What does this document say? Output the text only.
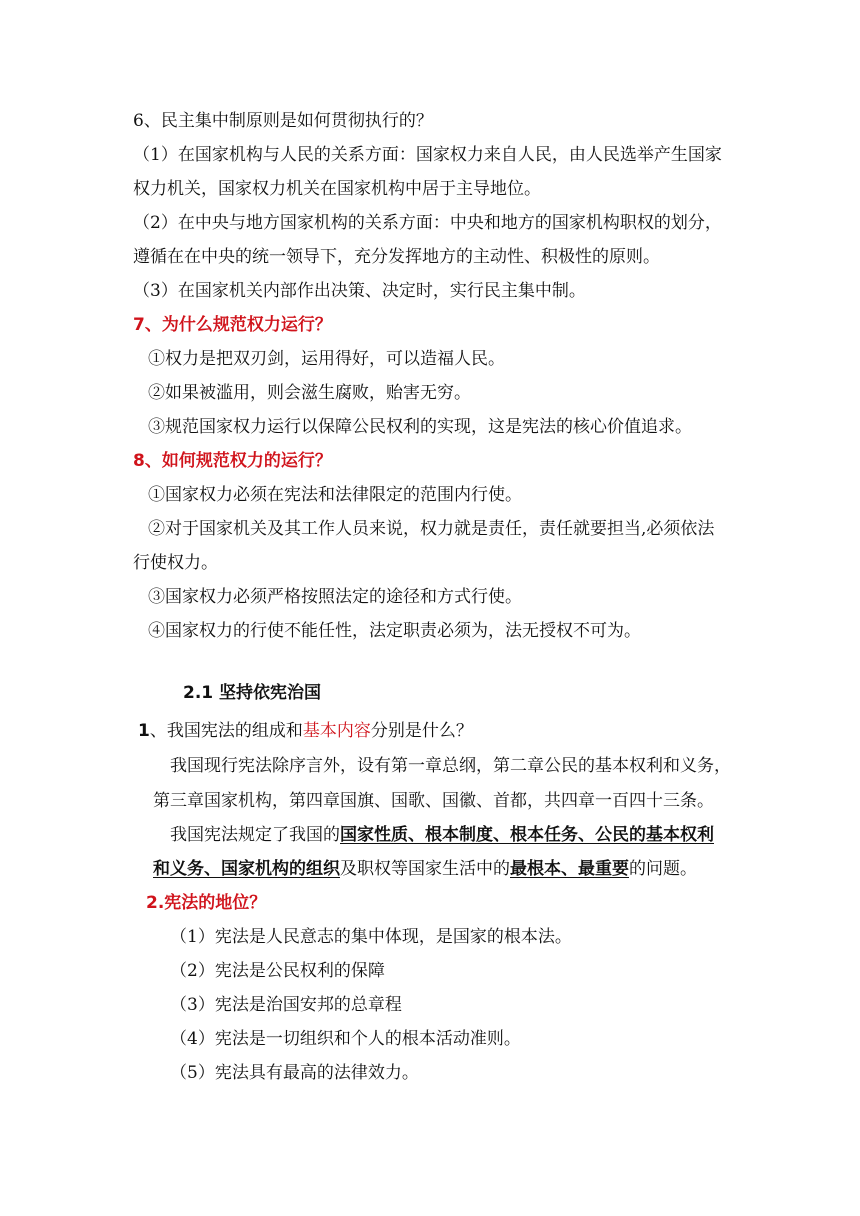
6、民主集中制原则是如何贯彻执行的？
（1）在国家机构与人民的关系方面：国家权力来自人民，由人民选举产生国家
权力机关，国家权力机关在国家机构中居于主导地位。
（2）在中央与地方国家机构的关系方面：中央和地方的国家机构职权的划分，
遵循在在中央的统一领导下，充分发挥地方的主动性、积极性的原则。
（3）在国家机关内部作出决策、决定时，实行民主集中制。
7、为什么规范权力运行？
①权力是把双刃剑，运用得好，可以造福人民。
②如果被滥用，则会滋生腐败，贻害无穷。
③规范国家权力运行以保障公民权利的实现，这是宪法的核心价值追求。
8、如何规范权力的运行？
①国家权力必须在宪法和法律限定的范围内行使。
②对于国家机关及其工作人员来说，权力就是责任，责任就要担当,必须依法
行使权力。
③国家权力必须严格按照法定的途径和方式行使。
④国家权力的行使不能任性，法定职责必须为，法无授权不可为。
2.1 坚持依宪治国
1、我国宪法的组成和基本内容分别是什么？
我国现行宪法除序言外，设有第一章总纲，第二章公民的基本权利和义务，
第三章国家机构，第四章国旗、国歌、国徽、首都，共四章一百四十三条。
我国宪法规定了我国的国家性质、根本制度、根本任务、公民的基本权利
和义务、国家机构的组织及职权等国家生活中的最根本、最重要的问题。
2.宪法的地位？
（1）宪法是人民意志的集中体现，是国家的根本法。
（2）宪法是公民权利的保障
（3）宪法是治国安邦的总章程
（4）宪法是一切组织和个人的根本活动准则。
（5）宪法具有最高的法律效力。
